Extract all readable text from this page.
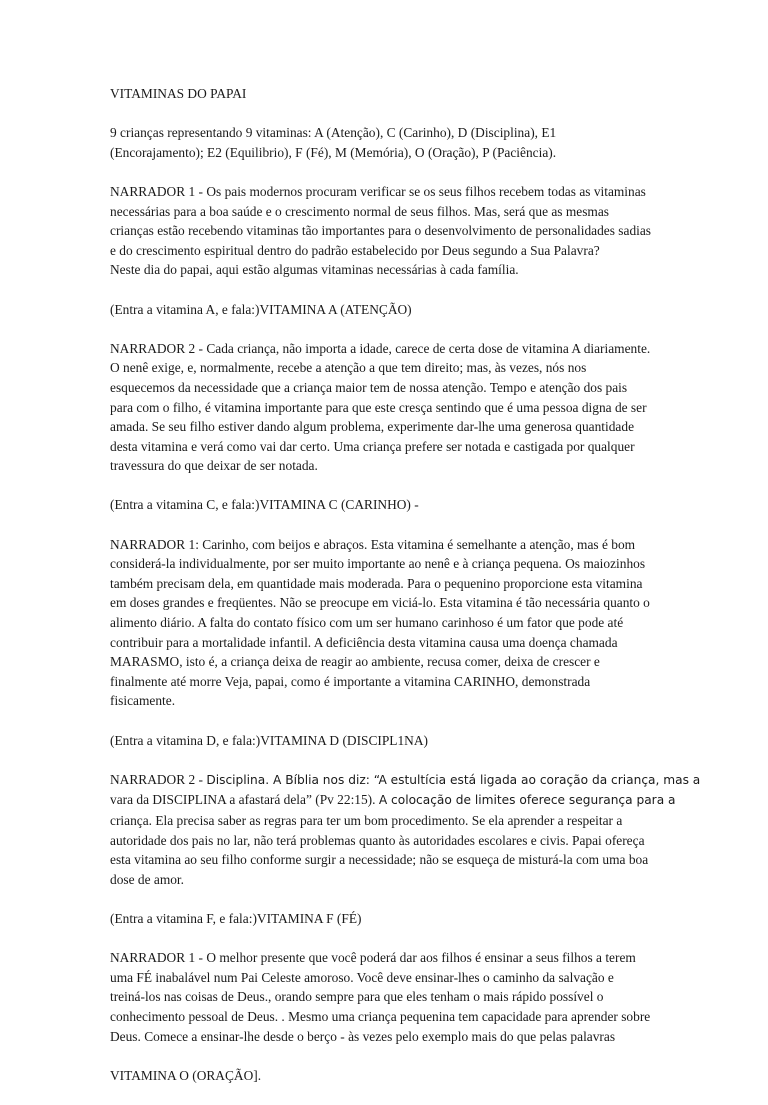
VITAMINAS DO PAPAI

9 crianças representando 9 vitaminas: A (Atenção), C (Carinho), D (Disciplina), E1
(Encorajamento); E2 (Equilibrio), F (Fé), M (Memória), O (Oração), P (Paciência).

NARRADOR 1 - Os pais modernos procuram verificar se os seus filhos recebem todas as vitaminas
necessárias para a boa saúde e o crescimento normal de seus filhos. Mas, será que as mesmas
crianças estão recebendo vitaminas tão importantes para o desenvolvimento de personalidades sadias
e do crescimento espiritual dentro do padrão estabelecido por Deus segundo a Sua Palavra?
Neste dia do papai, aqui estão algumas vitaminas necessárias à cada família.

(Entra a vitamina A, e fala:)VITAMINA A (ATENÇÃO)

NARRADOR 2 - Cada criança, não importa a idade, carece de certa dose de vitamina A diariamente.
O nenê exige, e, normalmente, recebe a atenção a que tem direito; mas, às vezes, nós nos
esquecemos da necessidade que a criança maior tem de nossa atenção. Tempo e atenção dos pais
para com o filho, é vitamina importante para que este cresça sentindo que é uma pessoa digna de ser
amada. Se seu filho estiver dando algum problema, experimente dar-lhe uma generosa quantidade
desta vitamina e verá como vai dar certo. Uma criança prefere ser notada e castigada por qualquer
travessura do que deixar de ser notada.

(Entra a vitamina C, e fala:)VITAMINA C (CARINHO) -

NARRADOR 1: Carinho, com beijos e abraços. Esta vitamina é semelhante a atenção, mas é bom
considerá-la individualmente, por ser muito importante ao nenê e à criança pequena. Os maiozinhos
também precisam dela, em quantidade mais moderada. Para o pequenino proporcione esta vitamina
em doses grandes e freqüentes. Não se preocupe em viciá-lo. Esta vitamina é tão necessária quanto o
alimento diário. A falta do contato físico com um ser humano carinhoso é um fator que pode até
contribuir para a mortalidade infantil. A deficiência desta vitamina causa uma doença chamada
MARASMO, isto é, a criança deixa de reagir ao ambiente, recusa comer, deixa de crescer e
finalmente até morre Veja, papai, como é importante a vitamina CARINHO, demonstrada
fisicamente.

(Entra a vitamina D, e fala:)VITAMINA D (DISCIPL1NA)

NARRADOR 2 - Disciplina. A Bíblia nos diz: “A estultícia está ligada ao coração da criança, mas a
vara da DISCIPLINA a afastará dela” (Pv 22:15). A colocação de limites oferece segurança para a
criança. Ela precisa saber as regras para ter um bom procedimento. Se ela aprender a respeitar a
autoridade dos pais no lar, não terá problemas quanto às autoridades escolares e civis. Papai ofereça
esta vitamina ao seu filho conforme surgir a necessidade; não se esqueça de misturá-la com uma boa
dose de amor.

(Entra a vitamina F, e fala:)VITAMINA F (FÉ)

NARRADOR 1 - O melhor presente que você poderá dar aos filhos é ensinar a seus filhos a terem
uma FÉ inabalável num Pai Celeste amoroso. Você deve ensinar-lhes o caminho da salvação e
treiná-los nas coisas de Deus., orando sempre para que eles tenham o mais rápido possível o
conhecimento pessoal de Deus. . Mesmo uma criança pequenina tem capacidade para aprender sobre
Deus. Comece a ensinar-lhe desde o berço - às vezes pelo exemplo mais do que pelas palavras

VITAMINA O (ORAÇÃO].
